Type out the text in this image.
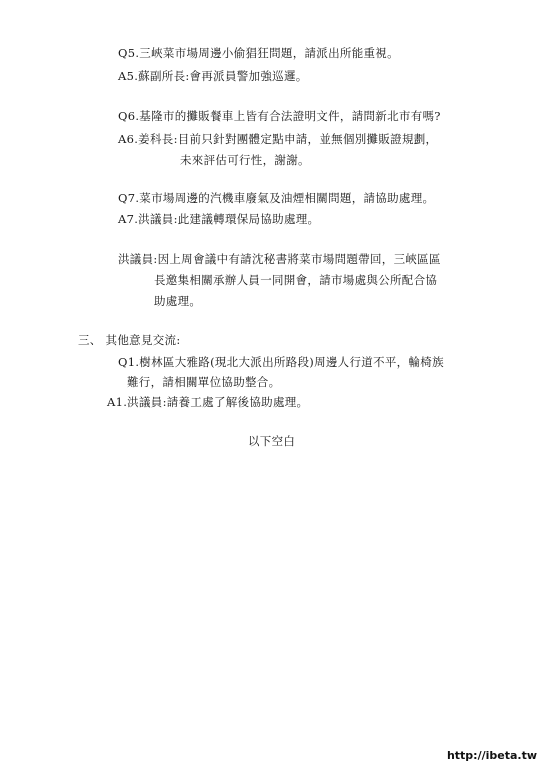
Q5.三峽菜市場周邊小偷猖狂問題，請派出所能重視。
A5.蘇副所長:會再派員警加強巡邏。
Q6.基隆市的攤販餐車上皆有合法證明文件，請問新北市有嗎?
A6.姜科長:目前只針對團體定點申請，並無個別攤販證規劃，
未來評估可行性，謝謝。
Q7.菜市場周邊的汽機車廢氣及油煙相關問題，請協助處理。
A7.洪議員:此建議轉環保局協助處理。
洪議員:因上周會議中有請沈秘書將菜市場問題帶回，三峽區區
長邀集相關承辦人員一同開會，請市場處與公所配合協
助處理。
三、 其他意見交流:
Q1.樹林區大雅路(現北大派出所路段)周邊人行道不平，輪椅族
難行，請相關單位協助整合。
A1.洪議員:請養工處了解後協助處理。
以下空白
http://ibeta.tw
